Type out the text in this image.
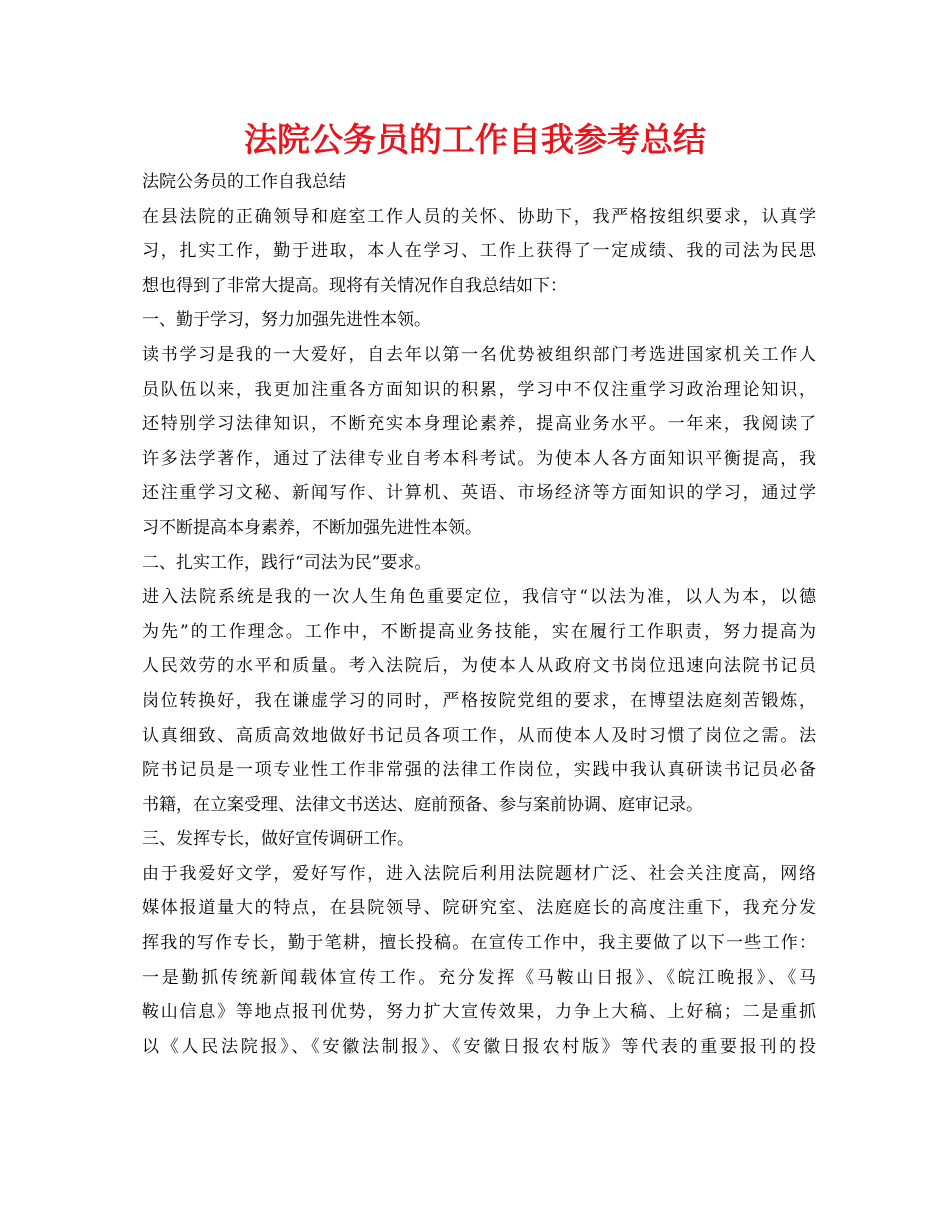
法院公务员的工作自我参考总结
法院公务员的工作自我总结
在县法院的正确领导和庭室工作人员的关怀、协助下，我严格按组织要求，认真学
习，扎实工作，勤于进取，本人在学习、工作上获得了一定成绩、我的司法为民思
想也得到了非常大提高。现将有关情况作自我总结如下：
一、勤于学习，努力加强先进性本领。
读书学习是我的一大爱好，自去年以第一名优势被组织部门考选进国家机关工作人
员队伍以来，我更加注重各方面知识的积累，学习中不仅注重学习政治理论知识，
还特别学习法律知识，不断充实本身理论素养，提高业务水平。一年来，我阅读了
许多法学著作，通过了法律专业自考本科考试。为使本人各方面知识平衡提高，我
还注重学习文秘、新闻写作、计算机、英语、市场经济等方面知识的学习，通过学
习不断提高本身素养，不断加强先进性本领。
二、扎实工作，践行“司法为民”要求。
进入法院系统是我的一次人生角色重要定位，我信守“以法为准，以人为本，以德
为先”的工作理念。工作中，不断提高业务技能，实在履行工作职责，努力提高为
人民效劳的水平和质量。考入法院后，为使本人从政府文书岗位迅速向法院书记员
岗位转换好，我在谦虚学习的同时，严格按院党组的要求，在博望法庭刻苦锻炼，
认真细致、高质高效地做好书记员各项工作，从而使本人及时习惯了岗位之需。法
院书记员是一项专业性工作非常强的法律工作岗位，实践中我认真研读书记员必备
书籍，在立案受理、法律文书送达、庭前预备、参与案前协调、庭审记录。
三、发挥专长，做好宣传调研工作。
由于我爱好文学，爱好写作，进入法院后利用法院题材广泛、社会关注度高，网络
媒体报道量大的特点，在县院领导、院研究室、法庭庭长的高度注重下，我充分发
挥我的写作专长，勤于笔耕，擅长投稿。在宣传工作中，我主要做了以下一些工作：
一是勤抓传统新闻载体宣传工作。充分发挥《马鞍山日报》、《皖江晚报》、《马
鞍山信息》等地点报刊优势，努力扩大宣传效果，力争上大稿、上好稿；二是重抓
以《人民法院报》、《安徽法制报》、《安徽日报农村版》等代表的重要报刊的投
